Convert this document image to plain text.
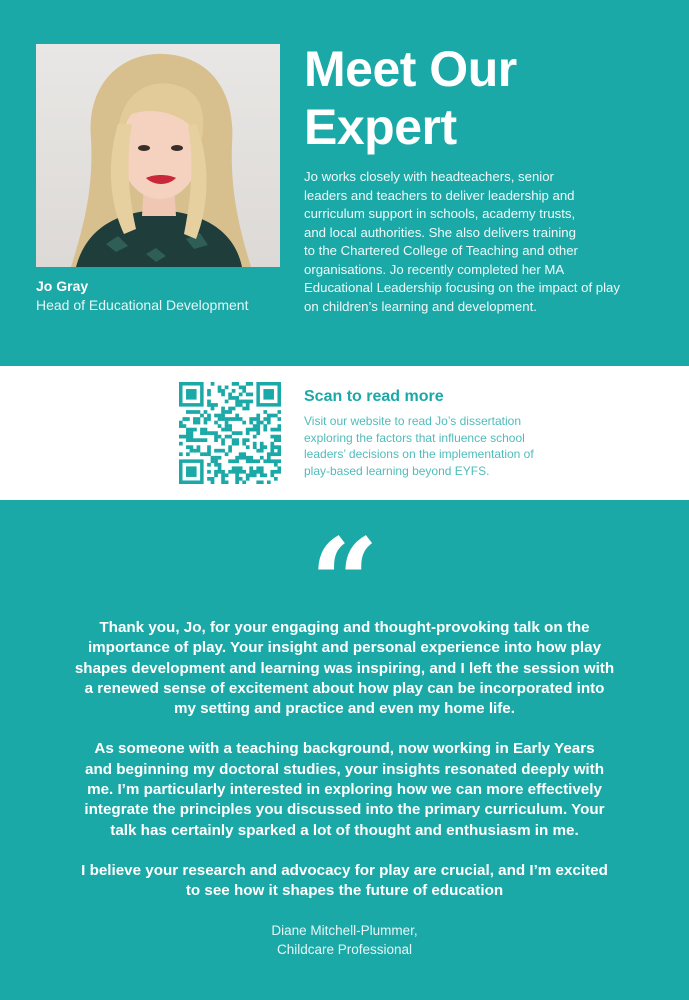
Jo Gray
Head of Educational Development
Meet Our
Expert
Jo works closely with headteachers, senior
leaders and teachers to deliver leadership and
curriculum support in schools, academy trusts,
and local authorities. She also delivers training
to the Chartered College of Teaching and other
organisations. Jo recently completed her MA
Educational Leadership focusing on the impact of play
on children’s learning and development.
Scan to read more
Visit our website to read Jo’s dissertation
exploring the factors that influence school
leaders’ decisions on the implementation of
play-based learning beyond EYFS.
“

Thank you, Jo, for your engaging and thought-provoking talk on the
importance of play. Your insight and personal experience into how play
shapes development and learning was inspiring, and I left the session with
a renewed sense of excitement about how play can be incorporated into
my setting and practice and even my home life.

As someone with a teaching background, now working in Early Years
and beginning my doctoral studies, your insights resonated deeply with
me. I’m particularly interested in exploring how we can more effectively
integrate the principles you discussed into the primary curriculum. Your
talk has certainly sparked a lot of thought and enthusiasm in me.

I believe your research and advocacy for play are crucial, and I’m excited
to see how it shapes the future of education

Diane Mitchell-Plummer,
Childcare Professional
